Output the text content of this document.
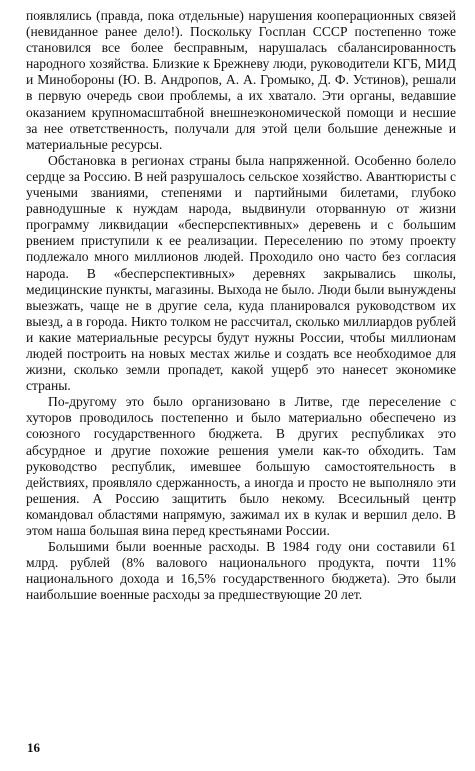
появлялись (правда, пока отдельные) нарушения кооперационных связей (невиданное ранее дело!). Поскольку Госплан СССР постепенно тоже становился все более бесправным, нарушалась сбалансированность народного хозяйства. Близкие к Брежневу люди, руководители КГБ, МИД и Минобороны (Ю. В. Андропов, А. А. Громыко, Д. Ф. Устинов), решали в первую очередь свои проблемы, а их хватало. Эти органы, ведавшие оказанием крупномасштабной внешнеэкономической помощи и несшие за нее ответственность, получали для этой цели большие денежные и материальные ресурсы.

Обстановка в регионах страны была напряженной. Особенно болело сердце за Россию. В ней разрушалось сельское хозяйство. Авантюристы с учеными званиями, степенями и партийными билетами, глубоко равнодушные к нуждам народа, выдвинули оторванную от жизни программу ликвидации «бесперспективных» деревень и с большим рвением приступили к ее реализации. Переселению по этому проекту подлежало много миллионов людей. Проходило оно часто без согласия народа. В «бесперспективных» деревнях закрывались школы, медицинские пункты, магазины. Выхода не было. Люди были вынуждены выезжать, чаще не в другие села, куда планировался руководством их выезд, а в города. Никто толком не рассчитал, сколько миллиардов рублей и какие материальные ресурсы будут нужны России, чтобы миллионам людей построить на новых местах жилье и создать все необходимое для жизни, сколько земли пропадет, какой ущерб это нанесет экономике страны.

По-другому это было организовано в Литве, где переселение с хуторов проводилось постепенно и было материально обеспечено из союзного государственного бюджета. В других республиках это абсурдное и другие похожие решения умели как-то обходить. Там руководство республик, имевшее большую самостоятельность в действиях, проявляло сдержанность, а иногда и просто не выполняло эти решения. А Россию защитить было некому. Всесильный центр командовал областями напрямую, зажимал их в кулак и вершил дело. В этом наша большая вина перед крестьянами России.

Большими были военные расходы. В 1984 году они составили 61 млрд. рублей (8% валового национального продукта, почти 11% национального дохода и 16,5% государственного бюджета). Это были наибольшие военные расходы за предшествующие 20 лет.

16
